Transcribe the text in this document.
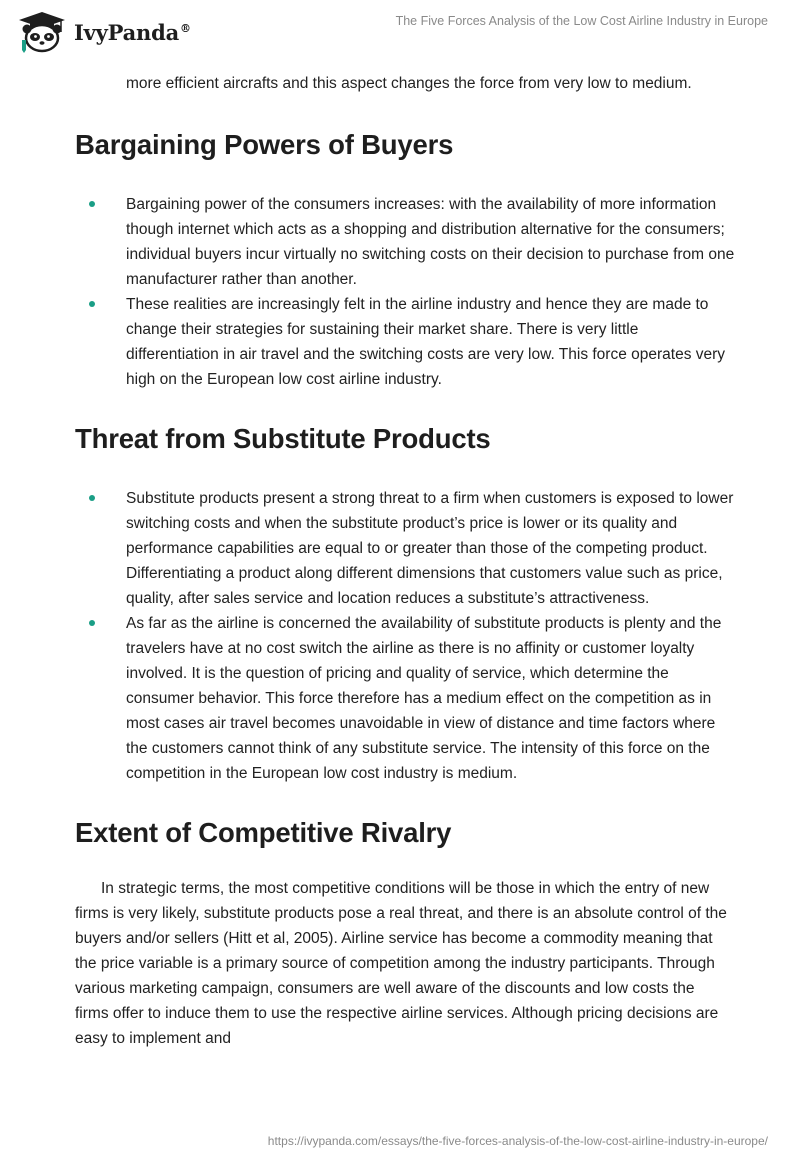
IvyPanda®	The Five Forces Analysis of the Low Cost Airline Industry in Europe

more efficient aircrafts and this aspect changes the force from very low to medium.

Bargaining Powers of Buyers
Bargaining power of the consumers increases: with the availability of more information though internet which acts as a shopping and distribution alternative for the consumers; individual buyers incur virtually no switching costs on their decision to purchase from one manufacturer rather than another.
These realities are increasingly felt in the airline industry and hence they are made to change their strategies for sustaining their market share. There is very little differentiation in air travel and the switching costs are very low. This force operates very high on the European low cost airline industry.
Threat from Substitute Products
Substitute products present a strong threat to a firm when customers is exposed to lower switching costs and when the substitute product’s price is lower or its quality and performance capabilities are equal to or greater than those of the competing product. Differentiating a product along different dimensions that customers value such as price, quality, after sales service and location reduces a substitute’s attractiveness.
As far as the airline is concerned the availability of substitute products is plenty and the travelers have at no cost switch the airline as there is no affinity or customer loyalty involved. It is the question of pricing and quality of service, which determine the consumer behavior. This force therefore has a medium effect on the competition as in most cases air travel becomes unavoidable in view of distance and time factors where the customers cannot think of any substitute service. The intensity of this force on the competition in the European low cost industry is medium.
Extent of Competitive Rivalry

In strategic terms, the most competitive conditions will be those in which the entry of new firms is very likely, substitute products pose a real threat, and there is an absolute control of the buyers and/or sellers (Hitt et al, 2005). Airline service has become a commodity meaning that the price variable is a primary source of competition among the industry participants. Through various marketing campaign, consumers are well aware of the discounts and low costs the firms offer to induce them to use the respective airline services. Although pricing decisions are easy to implement and

https://ivypanda.com/essays/the-five-forces-analysis-of-the-low-cost-airline-industry-in-europe/
